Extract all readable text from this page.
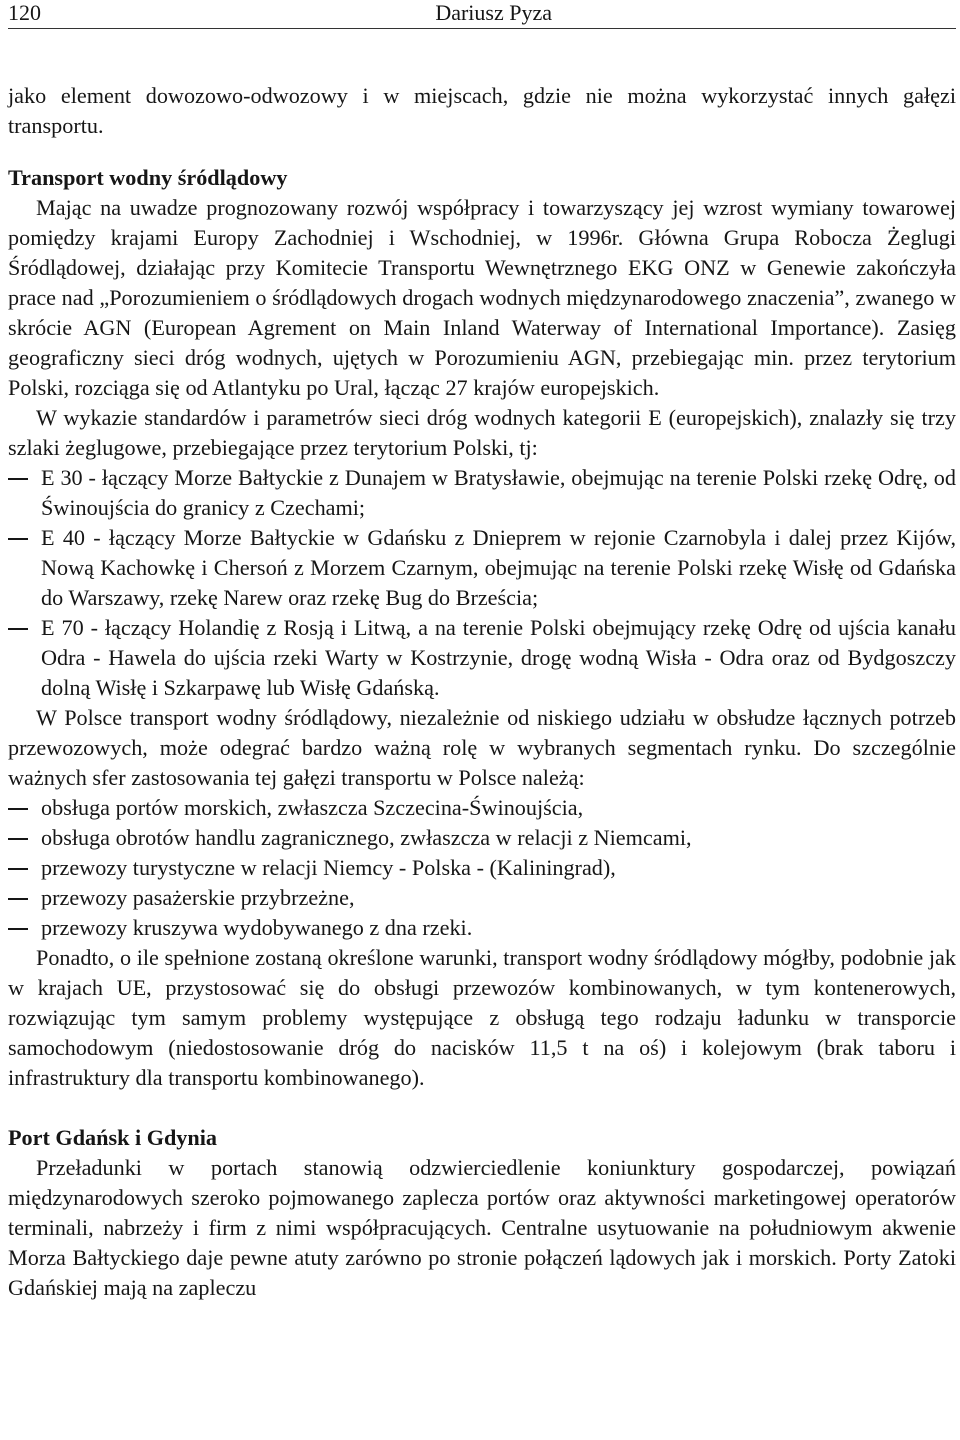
120	Dariusz Pyza

jako element dowozowo-odwozowy i w miejscach, gdzie nie można wykorzystać innych gałęzi transportu.

Transport wodny śródlądowy

Mając na uwadze prognozowany rozwój współpracy i towarzyszący jej wzrost wymiany towarowej pomiędzy krajami Europy Zachodniej i Wschodniej, w 1996r. Główna Grupa Robocza Żeglugi Śródlądowej, działając przy Komitecie Transportu Wewnętrznego EKG ONZ w Genewie zakończyła prace nad „Porozumieniem o śródlądowych drogach wodnych międzynarodowego znaczenia”, zwanego w skrócie AGN (European Agrement on Main Inland Waterway of International Importance). Zasięg geograficzny sieci dróg wodnych, ujętych w Porozumieniu AGN, przebiegając min. przez terytorium Polski, rozciąga się od Atlantyku po Ural, łącząc 27 krajów europejskich.

W wykazie standardów i parametrów sieci dróg wodnych kategorii E (europejskich), znalazły się trzy szlaki żeglugowe, przebiegające przez terytorium Polski, tj:

E 30 - łączący Morze Bałtyckie z Dunajem w Bratysławie, obejmując na terenie Polski rzekę Odrę, od Świnoujścia do granicy z Czechami;
E 40 - łączący Morze Bałtyckie w Gdańsku z Dnieprem w rejonie Czarnobyla i dalej przez Kijów, Nową Kachowkę i Chersoń z Morzem Czarnym, obejmując na terenie Polski rzekę Wisłę od Gdańska do Warszawy, rzekę Narew oraz rzekę Bug do Brześcia;
E 70 - łączący Holandię z Rosją i Litwą, a na terenie Polski obejmujący rzekę Odrę od ujścia kanału Odra - Hawela do ujścia rzeki Warty w Kostrzynie, drogę wodną Wisła - Odra oraz od Bydgoszczy dolną Wisłę i Szkarpawę lub Wisłę Gdańską.

W Polsce transport wodny śródlądowy, niezależnie od niskiego udziału w obsłudze łącznych potrzeb przewozowych, może odegrać bardzo ważną rolę w wybranych segmentach rynku. Do szczególnie ważnych sfer zastosowania tej gałęzi transportu w Polsce należą:

obsługa portów morskich, zwłaszcza Szczecina-Świnoujścia,
obsługa obrotów handlu zagranicznego, zwłaszcza w relacji z Niemcami,
przewozy turystyczne w relacji Niemcy - Polska - (Kaliningrad),
przewozy pasażerskie przybrzeżne,
przewozy kruszywa wydobywanego z dna rzeki.

Ponadto, o ile spełnione zostaną określone warunki, transport wodny śródlądowy mógłby, podobnie jak w krajach UE, przystosować się do obsługi przewozów kombinowanych, w tym kontenerowych, rozwiązując tym samym problemy występujące z obsługą tego rodzaju ładunku w transporcie samochodowym (niedostosowanie dróg do nacisków 11,5 t na oś) i kolejowym (brak taboru i infrastruktury dla transportu kombinowanego).

Port Gdańsk i Gdynia

Przeładunki w portach stanowią odzwierciedlenie koniunktury gospodarczej, powiązań międzynarodowych szeroko pojmowanego zaplecza portów oraz aktywności marketingowej operatorów terminali, nabrzeży i firm z nimi współpracujących. Centralne usytuowanie na południowym akwenie Morza Bałtyckiego daje pewne atuty zarówno po stronie połączeń lądowych jak i morskich. Porty Zatoki Gdańskiej mają na zapleczu
